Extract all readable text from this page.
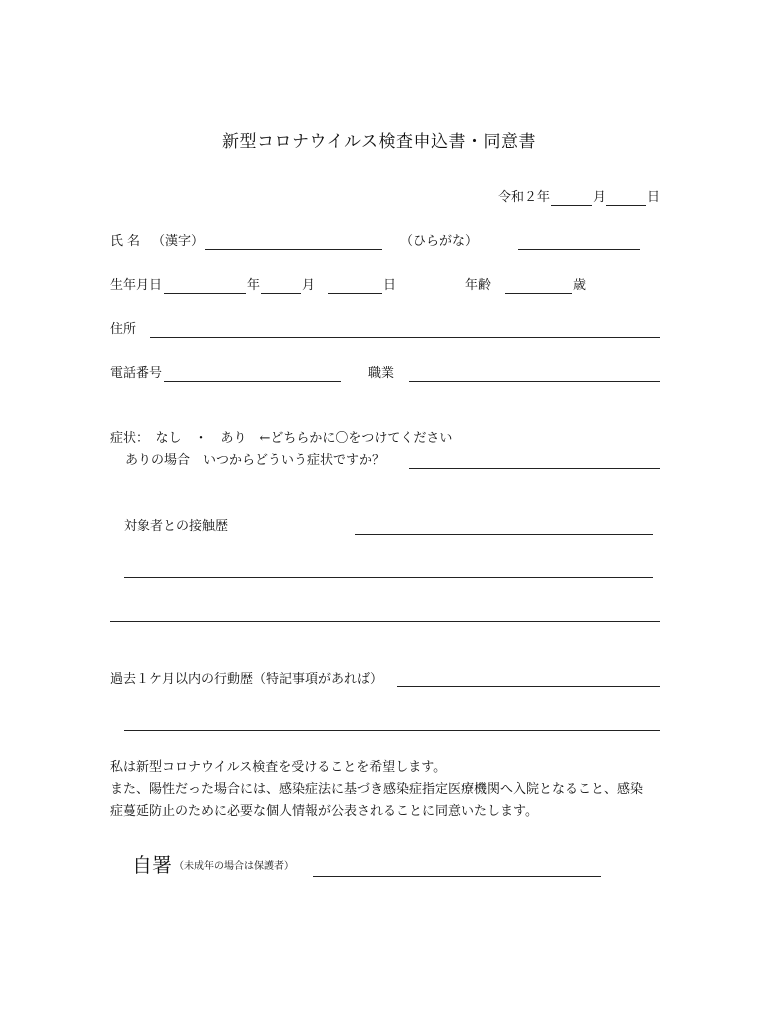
新型コロナウイルス検査申込書・同意書
令和２年	月	日
氏名 （漢字）	（ひらがな）
生年月日	年	月	日	年齢	歳
住所
電話番号	職業
症状：　なし　・　あり　←どちらかに〇をつけてください
ありの場合　いつからどういう症状ですか？
対象者との接触歴
過去１ケ月以内の行動歴（特記事項があれば）
私は新型コロナウイルス検査を受けることを希望します。
また、陽性だった場合には、感染症法に基づき感染症指定医療機関へ入院となること、感染
症蔓延防止のために必要な個人情報が公表されることに同意いたします。
自署 （未成年の場合は保護者）
